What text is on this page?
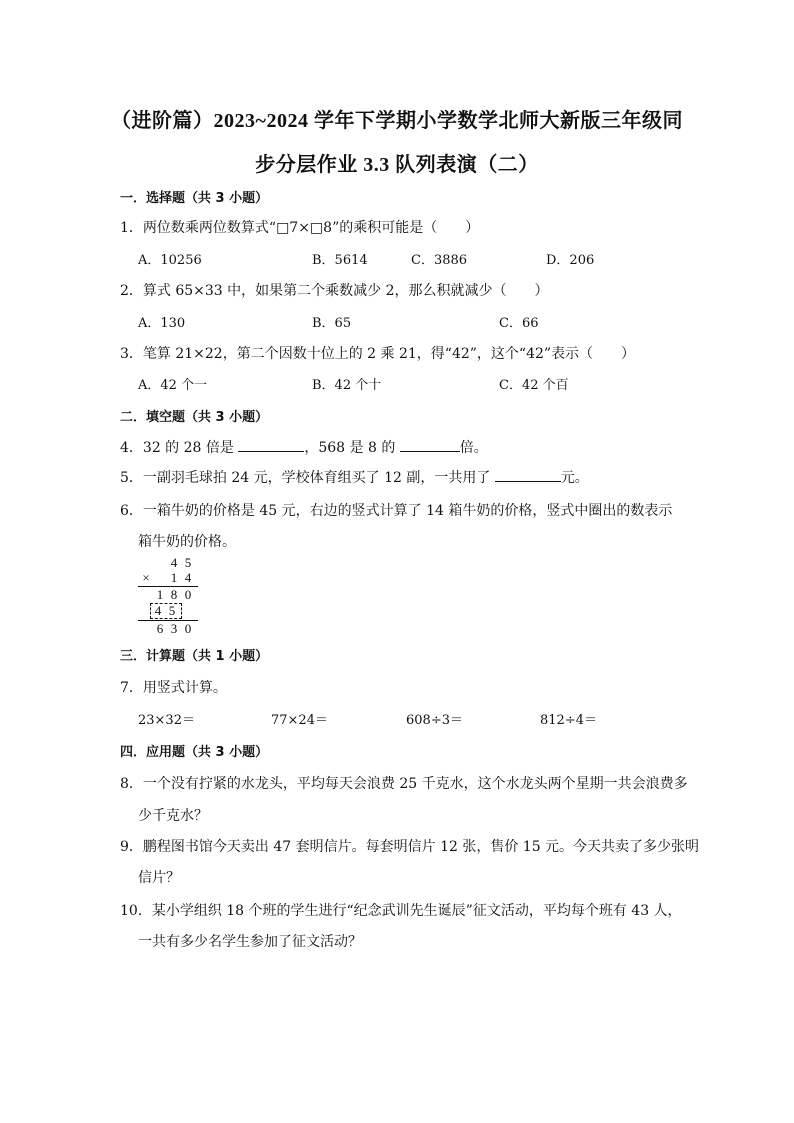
（进阶篇）2023~2024 学年下学期小学数学北师大新版三年级同
步分层作业 3.3 队列表演（二）
一．选择题（共 3 小题）
1．两位数乘两位数算式“□7×□8”的乘积可能是（　　）
A．10256	B．5614	C．3886	D．206
2．算式 65×33 中，如果第二个乘数减少 2，那么积就减少（　　）
A．130	B．65	C．66
3．笔算 21×22，第二个因数十位上的 2 乘 21，得“42”，这个“42”表示（　　）
A．42 个一	B．42 个十	C．42 个百
二．填空题（共 3 小题）
4．32 的 28 倍是	，568 是 8 的	倍。
5．一副羽毛球拍 24 元，学校体育组买了 12 副，一共用了	元。
6．一箱牛奶的价格是 45 元，右边的竖式计算了 14 箱牛奶的价格，竖式中圈出的数表示
箱牛奶的价格。
4 5
× 1 4
1 8 0
4 5
6 3 0
三．计算题（共 1 小题）
7．用竖式计算。
23×32＝	77×24＝	608÷3＝	812÷4＝
四．应用题（共 3 小题）
8．一个没有拧紧的水龙头，平均每天会浪费 25 千克水，这个水龙头两个星期一共会浪费多
少千克水？
9．鹏程图书馆今天卖出 47 套明信片。每套明信片 12 张，售价 15 元。今天共卖了多少张明
信片？
10．某小学组织 18 个班的学生进行“纪念武训先生诞辰”征文活动，平均每个班有 43 人，
一共有多少名学生参加了征文活动？
